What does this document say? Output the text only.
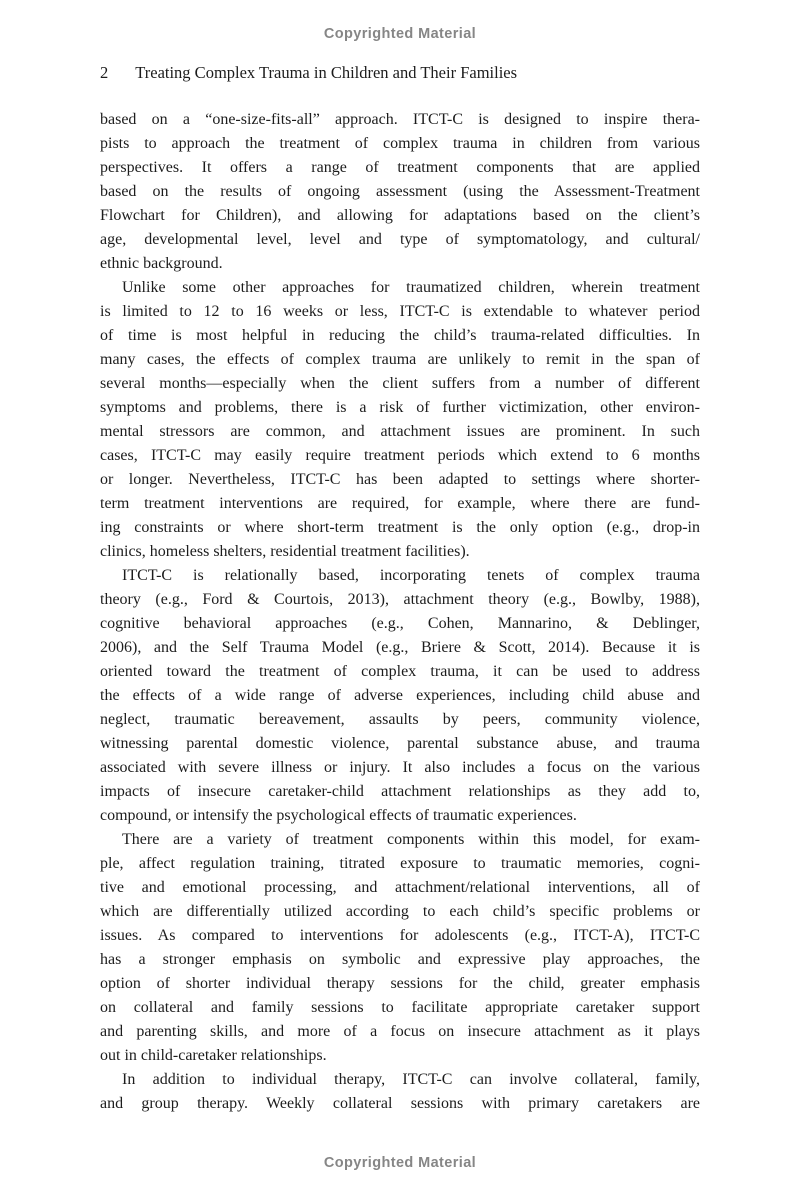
Copyrighted Material
2 Treating Complex Trauma in Children and Their Families
based on a “one-size-fits-all” approach. ITCT-C is designed to inspire thera-
pists to approach the treatment of complex trauma in children from various
perspectives. It offers a range of treatment components that are applied
based on the results of ongoing assessment (using the Assessment-Treatment
Flowchart for Children), and allowing for adaptations based on the client’s
age, developmental level, level and type of symptomatology, and cultural/
ethnic background.
Unlike some other approaches for traumatized children, wherein treatment
is limited to 12 to 16 weeks or less, ITCT-C is extendable to whatever period
of time is most helpful in reducing the child’s trauma-related difficulties. In
many cases, the effects of complex trauma are unlikely to remit in the span of
several months—especially when the client suffers from a number of different
symptoms and problems, there is a risk of further victimization, other environ-
mental stressors are common, and attachment issues are prominent. In such
cases, ITCT-C may easily require treatment periods which extend to 6 months
or longer. Nevertheless, ITCT-C has been adapted to settings where shorter-
term treatment interventions are required, for example, where there are fund-
ing constraints or where short-term treatment is the only option (e.g., drop-in
clinics, homeless shelters, residential treatment facilities).
ITCT-C is relationally based, incorporating tenets of complex trauma
theory (e.g., Ford & Courtois, 2013), attachment theory (e.g., Bowlby, 1988),
cognitive behavioral approaches (e.g., Cohen, Mannarino, & Deblinger,
2006), and the Self Trauma Model (e.g., Briere & Scott, 2014). Because it is
oriented toward the treatment of complex trauma, it can be used to address
the effects of a wide range of adverse experiences, including child abuse and
neglect, traumatic bereavement, assaults by peers, community violence,
witnessing parental domestic violence, parental substance abuse, and trauma
associated with severe illness or injury. It also includes a focus on the various
impacts of insecure caretaker-child attachment relationships as they add to,
compound, or intensify the psychological effects of traumatic experiences.
There are a variety of treatment components within this model, for exam-
ple, affect regulation training, titrated exposure to traumatic memories, cogni-
tive and emotional processing, and attachment/relational interventions, all of
which are differentially utilized according to each child’s specific problems or
issues. As compared to interventions for adolescents (e.g., ITCT-A), ITCT-C
has a stronger emphasis on symbolic and expressive play approaches, the
option of shorter individual therapy sessions for the child, greater emphasis
on collateral and family sessions to facilitate appropriate caretaker support
and parenting skills, and more of a focus on insecure attachment as it plays
out in child-caretaker relationships.
In addition to individual therapy, ITCT-C can involve collateral, family,
and group therapy. Weekly collateral sessions with primary caretakers are
Copyrighted Material
